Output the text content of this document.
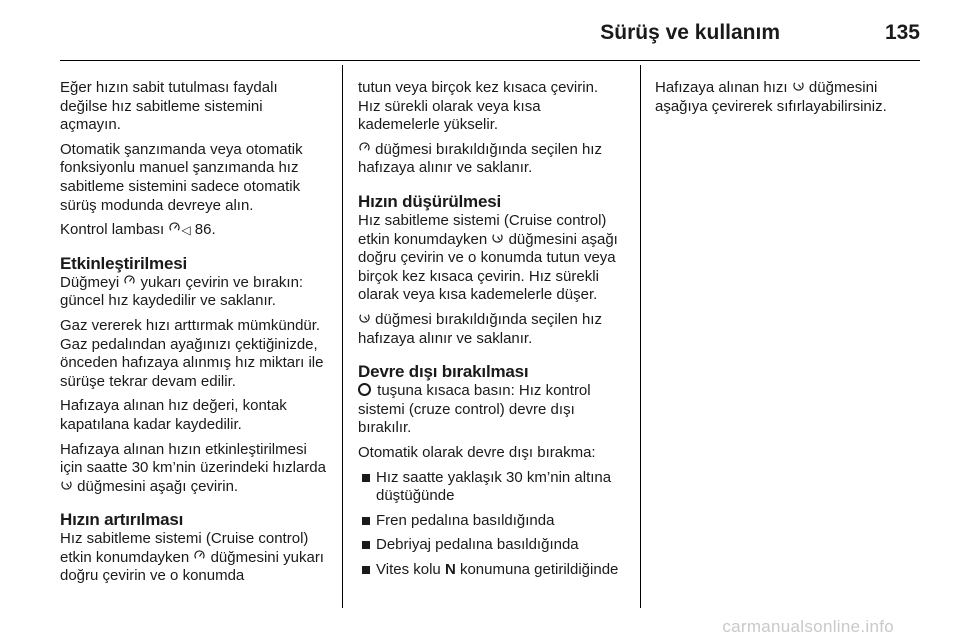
Sürüş ve kullanım	135

Eğer hızın sabit tutulması faydalı değilse hız sabitleme sistemini açmayın.

Otomatik şanzımanda veya otomatik fonksiyonlu manuel şanzımanda hız sabitleme sistemini sadece otomatik sürüş modunda devreye alın.

Kontrol lambası ◁ 86.

Etkinleştirilmesi

Düğmeyi  yukarı çevirin ve bırakın: güncel hız kaydedilir ve saklanır.

Gaz vererek hızı arttırmak mümkündür. Gaz pedalından ayağınızı çektiğinizde, önceden hafızaya alınmış hız miktarı ile sürüşe tekrar devam edilir.

Hafızaya alınan hız değeri, kontak kapatılana kadar kaydedilir.

Hafızaya alınan hızın etkinleştirilmesi için saatte 30 km’nin üzerindeki hızlarda  düğmesini aşağı çevirin.

Hızın artırılması

Hız sabitleme sistemi (Cruise control) etkin konumdayken  düğmesini yukarı doğru çevirin ve o konumda

tutun veya birçok kez kısaca çevirin. Hız sürekli olarak veya kısa kademelerle yükselir.

düğmesi bırakıldığında seçilen hız hafızaya alınır ve saklanır.

Hızın düşürülmesi

Hız sabitleme sistemi (Cruise control) etkin konumdayken  düğmesini aşağı doğru çevirin ve o konumda tutun veya birçok kez kısaca çevirin. Hız sürekli olarak veya kısa kademelerle düşer.

düğmesi bırakıldığında seçilen hız hafızaya alınır ve saklanır.

Devre dışı bırakılması

tuşuna kısaca basın: Hız kontrol sistemi (cruze control) devre dışı bırakılır.

Otomatik olarak devre dışı bırakma:

Hız saatte yaklaşık 30 km’nin altına düştüğünde
Fren pedalına basıldığında
Debriyaj pedalına basıldığında
Vites kolu N konumuna getirildiğinde

Hafızaya alınan hızı  düğmesini aşağıya çevirerek sıfırlayabilirsiniz.

carmanualsonline.info
